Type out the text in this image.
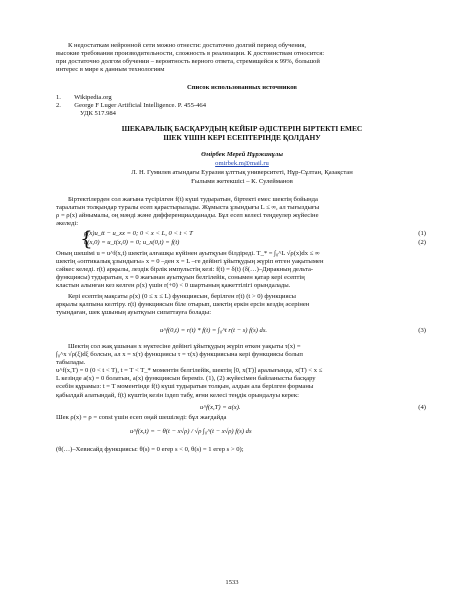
К недостаткам нейронной сети можно отнести: достаточно долгий период обучения,
высокие требования производительности, сложность в реализации. К достоинствам относится:
при достаточно долгом обучении – вероятность верного ответа, стремящейся к 99%, большой
интерес в мире к данным технологиям
Список использованных источников
1. Wikipedia.org
2. George F Luger Artificial Intelligence. P. 455-464
УДК 517.984
ШЕКАРАЛЫҚ БАСҚАРУДЫҢ КЕЙБІР ӘДІСТЕРІН БІРТЕКТІ ЕМЕС
ШЕК ҮШІН КЕРІ ЕСЕПТЕРІНДЕ ҚОЛДАНУ
Өмірбек Мерей Нұржанұлы
omirbek.m@mail.ru
Л. Н. Гумилев атындағы Еуразия ұлттық университеті, Нұр-Сұлтан, Қазақстан
Ғылыми жетекшісі – К. Сулейманов
Біртектілерден сол жағына түсірілген f(t) күші тудыратын, біртекті емес шектің бойында
таралатын толқындар туралы есеп қарастырылады. Жұмыста ұзындығы L ≤ ∞, ал тығыздығы
ρ = ρ(x) айнымалы, оң мәнді және дифференциалданады. Бұл есеп келесі теңдеулер жүйесіне
әкеледі:
{
ρ(x)u_tt − u_xx = 0; 0 < x < L, 0 < t < T	(1)
u(x,0) = u_t(x,0) = 0; u_x(0,t) = f(t)	(2)
Оның шешімі u = u^f(x,t) шектің алғашқы күйінен ауытқуын білдіреді. T_* = ∫₀^L √ρ(x)dx ≤ ∞
шектің «оптикалық ұзындығы» x = 0 –ден x = L –ге дейінгі ұйытқудың жүріп өтген уақытымен
сәйкес келеді. r(t) арқылы, лездік бірлік импульстің кезі: f(t) = δ(t) (δ(…)–Диракның дельта-
функциясы) тудыратын, x = 0 жағынан ауытқуын белгілейік, сонымен қатар кері есептің
кластын алынған кез келген ρ(x) үшін r(+0) < 0 шартының қажеттілігі орындалады.
Кері есептің мақсаты ρ(x) (0 ≤ x ≤ L) функциясын, берілген r(t) (t > 0) функциясы
арқылы қалпына келтіру. r(t) функциясын біле отырып, шектің еркін ерсін кездің әсерінен
туындаған, шек ұшының ауытқуын сипаттауға болады:
u^f(0,t) = r(t) * f(t) = ∫₀^t r(t − s) f(s) ds.	(3)
Шектің сол жақ ұшынан x нүктесіне дейінгі ұйытқудың жүріп өткен уақыты τ(x) =
∫₀^x √ρ(ξ)dξ болсын, ал x = x(τ) функциясы τ = τ(x) функциясына кері функциясы болып
табылады.
u^f(x,T) = 0 (0 < t < T), t = T < T_* моментін белгілейік, шектің [0, x(T)] аралығында, x(T) < x ≤
L кезінде a(x) = 0 болатын, a(x) функциясын береміз. (1), (2) жүйесімен байланысты басқару
есебін құрамыз: t = T моментінде f(t) күші тудыратын толқын, алдын ала берілген форманы
қабылдай алатындай, f(t) күштің кезін іздеп табу, яғни келесі теңдік орындалуы керек:
u^f(x,T) = a(x).	(4)
Шек ρ(x) = ρ = const үшін есеп оңай шешіледі: бұл жағдайда
u^f(x,t) = − θ(t − x√ρ) / √ρ ∫₀^(t − x√ρ) f(s) ds
(θ(…)–Хевисайд функциясы: θ(s) = 0 егер s < 0, θ(s) = 1 егер s > 0);
1533
